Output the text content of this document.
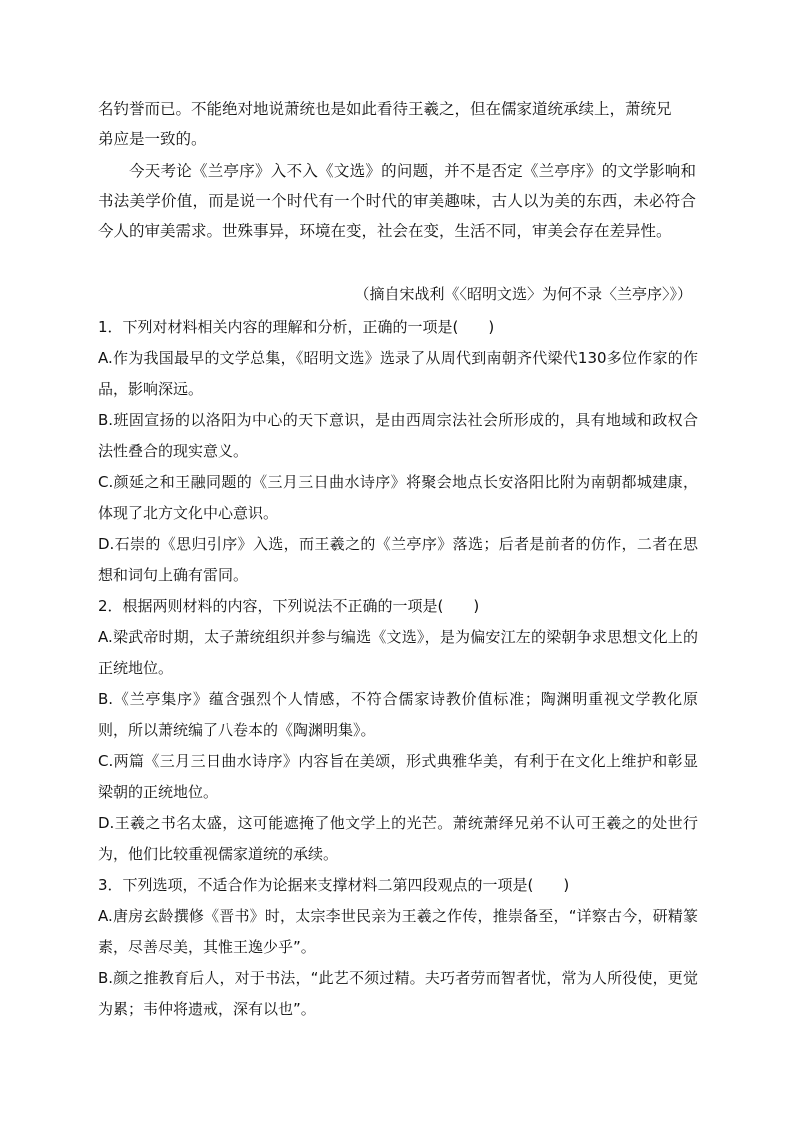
名钓誉而已。不能绝对地说萧统也是如此看待王羲之，但在儒家道统承续上，萧统兄

弟应是一致的。

今天考论《兰亭序》入不入《文选》的问题，并不是否定《兰亭序》的文学影响和书法美学价值，而是说一个时代有一个时代的审美趣味，古人以为美的东西，未必符合今人的审美需求。世殊事异，环境在变，社会在变，生活不同，审美会存在差异性。

（摘自宋战利《〈昭明文选〉为何不录〈兰亭序〉》）

1．下列对材料相关内容的理解和分析，正确的一项是(　　)

A.作为我国最早的文学总集，《昭明文选》选录了从周代到南朝齐代梁代130多位作家的作品，影响深远。

B.班固宣扬的以洛阳为中心的天下意识，是由西周宗法社会所形成的，具有地域和政权合法性叠合的现实意义。

C.颜延之和王融同题的《三月三日曲水诗序》将聚会地点长安洛阳比附为南朝都城建康，体现了北方文化中心意识。

D.石崇的《思归引序》入选，而王羲之的《兰亭序》落选；后者是前者的仿作，二者在思想和词句上确有雷同。

2．根据两则材料的内容，下列说法不正确的一项是(　　)

A.梁武帝时期，太子萧统组织并参与编选《文选》，是为偏安江左的梁朝争求思想文化上的正统地位。

B.《兰亭集序》蕴含强烈个人情感，不符合儒家诗教价值标准；陶渊明重视文学教化原则，所以萧统编了八卷本的《陶渊明集》。

C.两篇《三月三日曲水诗序》内容旨在美颂，形式典雅华美，有利于在文化上维护和彰显梁朝的正统地位。

D.王羲之书名太盛，这可能遮掩了他文学上的光芒。萧统萧绎兄弟不认可王羲之的处世行为，他们比较重视儒家道统的承续。

3．下列选项，不适合作为论据来支撑材料二第四段观点的一项是(　　)

A.唐房玄龄撰修《晋书》时，太宗李世民亲为王羲之作传，推崇备至，“详察古今，研精篆素，尽善尽美，其惟王逸少乎”。

B.颜之推教育后人，对于书法，“此艺不须过精。夫巧者劳而智者忧，常为人所役使，更觉为累；韦仲将遗戒，深有以也”。
